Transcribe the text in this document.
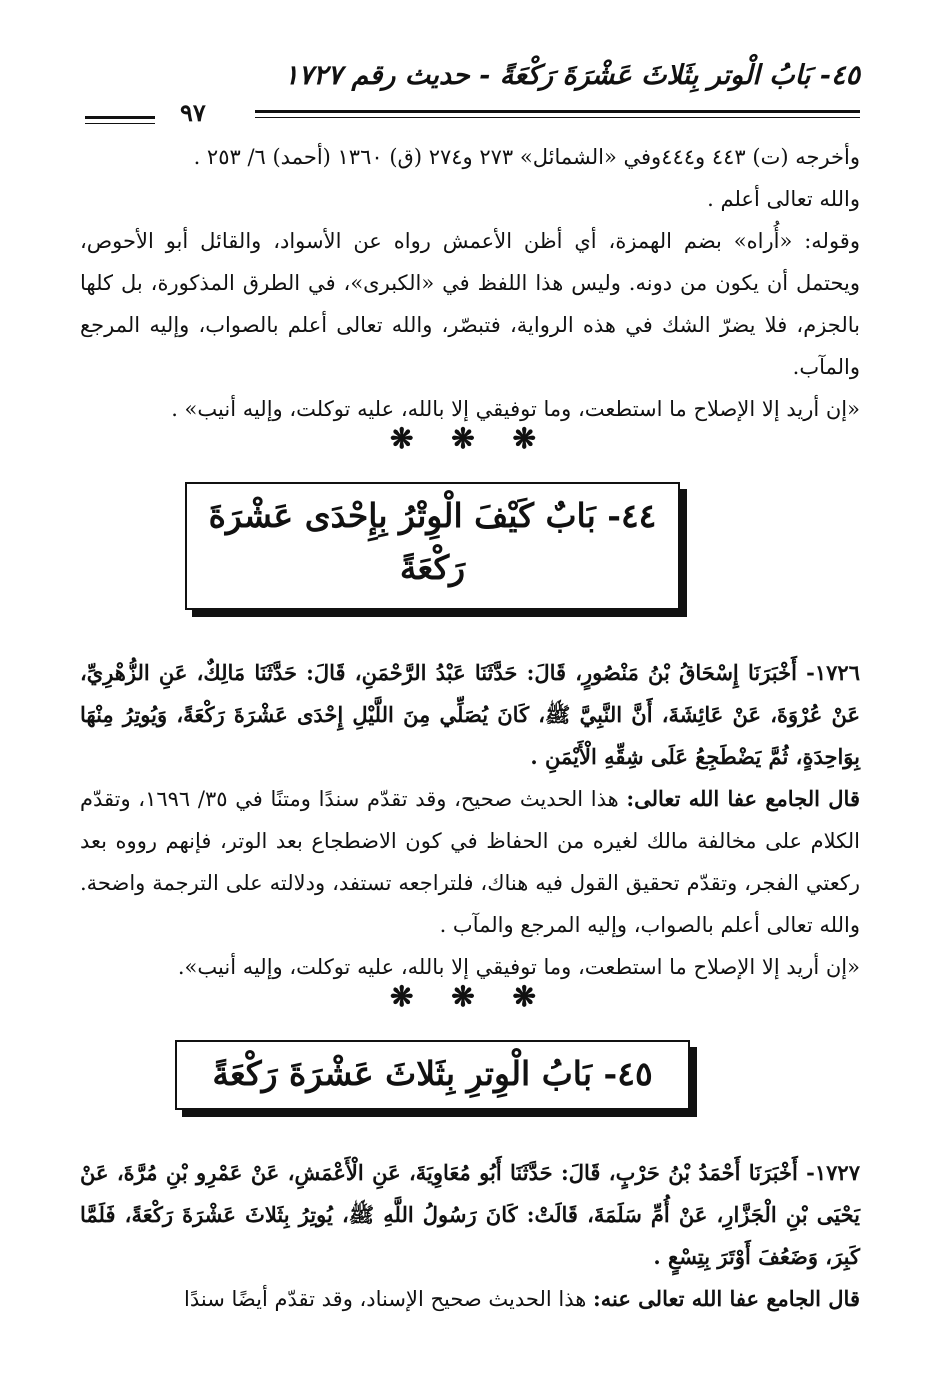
٤٥- بَابُ الْوتر بِثَلاثَ عَشْرَةَ رَكْعَةً - حديث رقم ١٧٢٧
٩٧
وأخرجه (ت) ٤٤٣ و٤٤٤وفي «الشمائل» ٢٧٣ و٢٧٤ (ق) ١٣٦٠ (أحمد) ٦/ ٢٥٣ .
والله تعالى أعلم .
وقوله: «أُراه» بضم الهمزة، أي أظن الأعمش رواه عن الأسواد، والقائل أبو الأحوص، ويحتمل أن يكون من دونه. وليس هذا اللفظ في «الكبرى»، في الطرق المذكورة، بل كلها بالجزم، فلا يضرّ الشك في هذه الرواية، فتبصّر، والله تعالى أعلم بالصواب، وإليه المرجع والمآب.
«إن أريد إلا الإصلاح ما استطعت، وما توفيقي إلا بالله، عليه توكلت، وإليه أنيب» .
❋ ❋ ❋
٤٤- بَابٌ كَيْفَ الْوِتْرُ بِإِحْدَى عَشْرَةَ رَكْعَةً
١٧٢٦- أَخْبَرَنَا إِسْحَاقُ بْنُ مَنْصُورٍ، قَالَ: حَدَّثَنَا عَبْدُ الرَّحْمَنِ، قَالَ: حَدَّثَنَا مَالِكٌ، عَنِ الزُّهْرِيِّ، عَنْ عُرْوَةَ، عَنْ عَائِشَةَ، أَنَّ النَّبِيَّ ﷺ، كَانَ يُصَلِّي مِنَ اللَّيْلِ إِحْدَى عَشْرَةَ رَكْعَةً، وَيُوتِرُ مِنْهَا بِوَاحِدَةٍ، ثُمَّ يَضْطَجِعُ عَلَى شِقِّهِ الْأَيْمَنِ .
قال الجامع عفا الله تعالى: هذا الحديث صحيح، وقد تقدّم سندًا ومتنًا في ٣٥/ ١٦٩٦، وتقدّم الكلام على مخالفة مالك لغيره من الحفاظ في كون الاضطجاع بعد الوتر، فإنهم رووه بعد ركعتي الفجر، وتقدّم تحقيق القول فيه هناك، فلتراجعه تستفد، ودلالته على الترجمة واضحة. والله تعالى أعلم بالصواب، وإليه المرجع والمآب .
«إن أريد إلا الإصلاح ما استطعت، وما توفيقي إلا بالله، عليه توكلت، وإليه أنيب».
❋ ❋ ❋
٤٥- بَابُ الْوِترِ بِثَلاثَ عَشْرَةَ رَكْعَةً
١٧٢٧- أَخْبَرَنَا أَحْمَدُ بْنُ حَرْبٍ، قَالَ: حَدَّثَنَا أَبُو مُعَاوِيَةَ، عَنِ الْأَعْمَشِ، عَنْ عَمْرِو بْنِ مُرَّةَ، عَنْ يَحْيَى بْنِ الْجَزَّارِ، عَنْ أُمِّ سَلَمَةَ، قَالَتْ: كَانَ رَسُولُ اللَّهِ ﷺ، يُوتِرُ بِثَلاثَ عَشْرَةَ رَكْعَةً، فَلَمَّا كَبِرَ، وَضَعُفَ أَوْتَرَ بِتِسْعٍ .
قال الجامع عفا الله تعالى عنه: هذا الحديث صحيح الإسناد، وقد تقدّم أيضًا سندًا
